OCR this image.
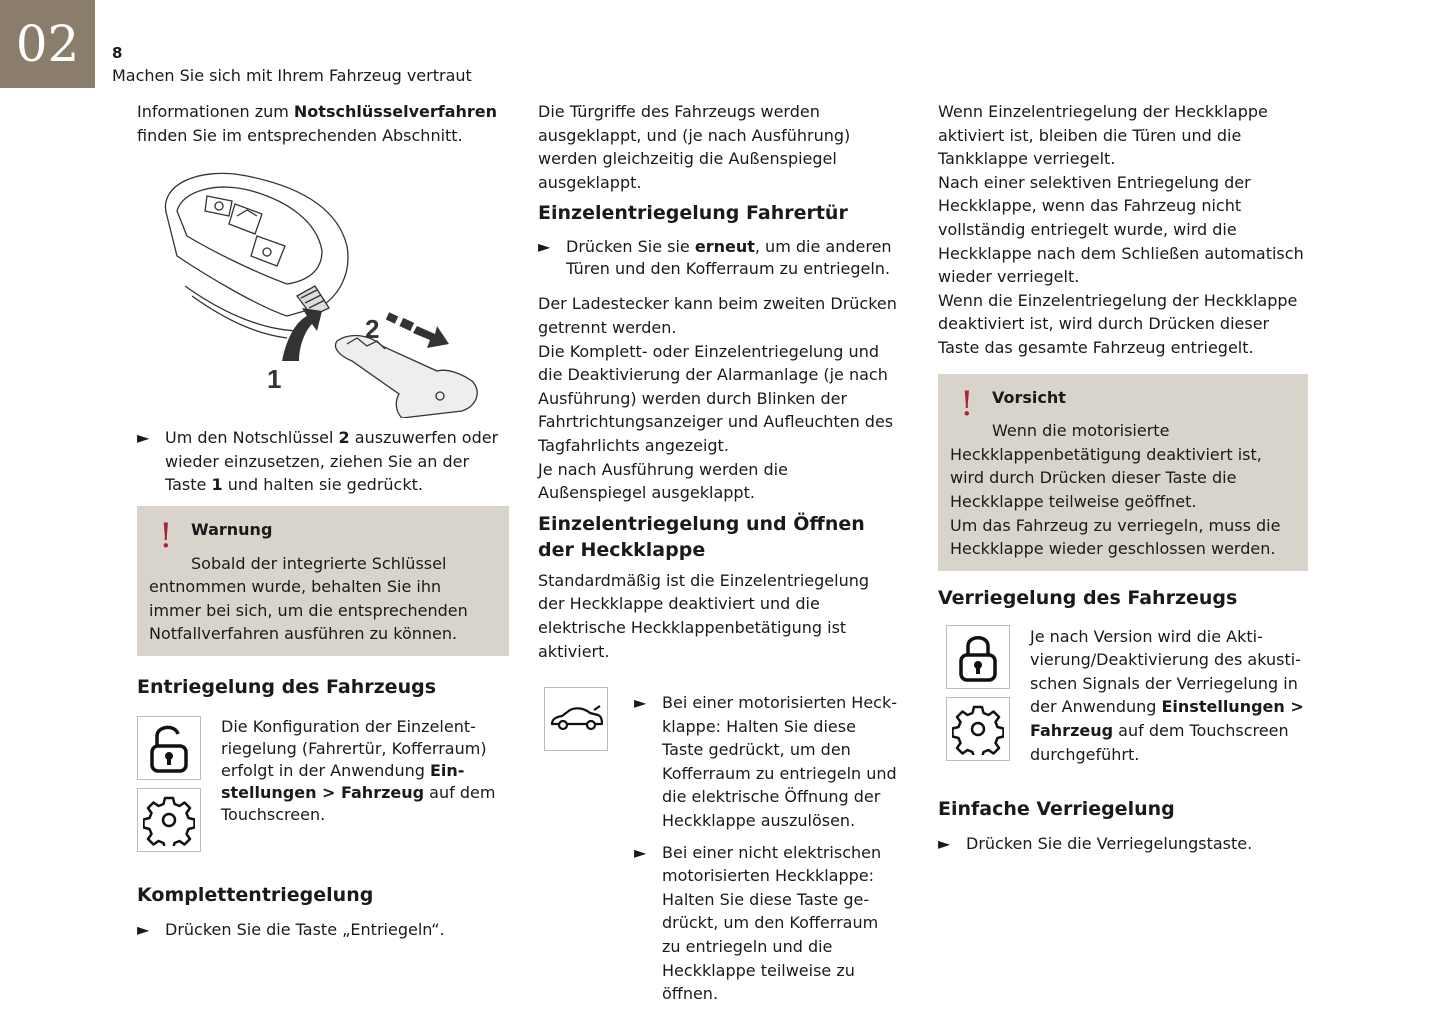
02	8
Machen Sie sich mit Ihrem Fahrzeug vertraut

Informationen zum Notschlüsselverfahren finden Sie im entsprechenden Abschnitt.

1
2
► Um den Notschlüssel 2 auszuwerfen oder wieder einzusetzen, ziehen Sie an der Taste 1 und halten sie gedrückt.
! Warnung
Sobald der integrierte Schlüssel entnommen wurde, behalten Sie ihn immer bei sich, um die entsprechenden Notfallverfahren ausführen zu können.
Entriegelung des Fahrzeugs
Die Konfiguration der Einzelentriegelung (Fahrertür, Kofferraum) erfolgt in der Anwendung Einstellungen > Fahrzeug auf dem Touchscreen.
Komplettentriegelung
► Drücken Sie die Taste „Entriegeln“.

Die Türgriffe des Fahrzeugs werden ausgeklappt, und (je nach Ausführung) werden gleichzeitig die Außenspiegel ausgeklappt.

Einzelentriegelung Fahrertür
► Drücken Sie sie erneut, um die anderen Türen und den Kofferraum zu entriegeln.

Der Ladestecker kann beim zweiten Drücken getrennt werden.

Die Komplett- oder Einzelentriegelung und die Deaktivierung der Alarmanlage (je nach Ausführung) werden durch Blinken der Fahrtrichtungsanzeiger und Aufleuchten des Tagfahrlichts angezeigt.

Je nach Ausführung werden die Außenspiegel ausgeklappt.

Einzelentriegelung und Öffnen der Heckklappe

Standardmäßig ist die Einzelentriegelung der Heckklappe deaktiviert und die elektrische Heckklappenbetätigung ist aktiviert.

► Bei einer motorisierten Heckklappe: Halten Sie diese Taste gedrückt, um den Kofferraum zu entriegeln und die elektrische Öffnung der Heckklappe auszulösen.
► Bei einer nicht elektrischen motorisierten Heckklappe: Halten Sie diese Taste gedrückt, um den Kofferraum zu entriegeln und die Heckklappe teilweise zu öffnen.

Wenn Einzelentriegelung der Heckklappe aktiviert ist, bleiben die Türen und die Tankklappe verriegelt.

Nach einer selektiven Entriegelung der Heckklappe, wenn das Fahrzeug nicht vollständig entriegelt wurde, wird die Heckklappe nach dem Schließen automatisch wieder verriegelt.

Wenn die Einzelentriegelung der Heckklappe deaktiviert ist, wird durch Drücken dieser Taste das gesamte Fahrzeug entriegelt.

! Vorsicht
Wenn die motorisierte Heckklappenbetätigung deaktiviert ist, wird durch Drücken dieser Taste die Heckklappe teilweise geöffnet.
Um das Fahrzeug zu verriegeln, muss die Heckklappe wieder geschlossen werden.
Verriegelung des Fahrzeugs
Je nach Version wird die Aktivierung/Deaktivierung des akustischen Signals der Verriegelung in der Anwendung Einstellungen > Fahrzeug auf dem Touchscreen durchgeführt.
Einfache Verriegelung
► Drücken Sie die Verriegelungstaste.
